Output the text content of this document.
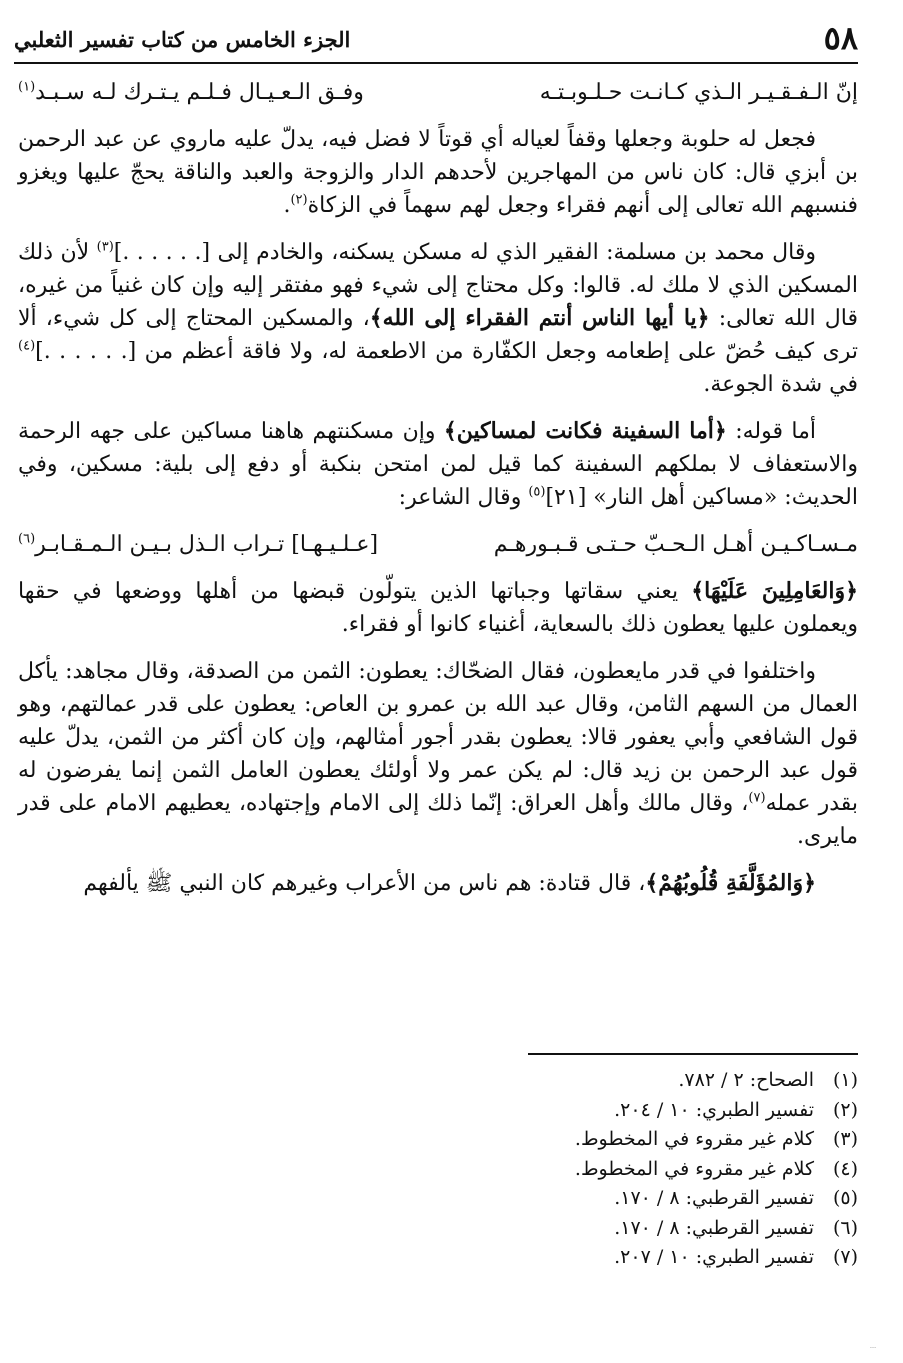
٥٨
الجزء الخامس من كتاب تفسير الثعلبي
إنّ الـفـقـيـر الـذي كـانـت حـلـوبـتـه
وفـق الـعـيـال فـلـم يـتـرك لـه سـبـد$^{(١)}$

فجعل له حلوبة وجعلها وقفاً لعياله أي قوتاً لا فضل فيه، يدلّ عليه ماروي عن عبد الرحمن بن أبزي قال: كان ناس من المهاجرين لأحدهم الدار والزوجة والعبد والناقة يحجّ عليها ويغزو فنسبهم الله تعالى إلى أنهم فقراء وجعل لهم سهماً في الزكاة$^{(٢)}$.

وقال محمد بن مسلمة: الفقير الذي له مسكن يسكنه، والخادم إلى [. . . . . .]$^{(٣)}$ لأن ذلك المسكين الذي لا ملك له. قالوا: وكل محتاج إلى شيء فهو مفتقر إليه وإن كان غنياً من غيره، قال الله تعالى: ﴿يا أيها الناس أنتم الفقراء إلى الله﴾، والمسكين المحتاج إلى كل شيء، ألا ترى كيف حُضّ على إطعامه وجعل الكفّارة من الاطعمة له، ولا فاقة أعظم من [. . . . . .]$^{(٤)}$ في شدة الجوعة.

أما قوله: ﴿أما السفينة فكانت لمساكين﴾ وإن مسكنتهم هاهنا مساكين على جهه الرحمة والاستعفاف لا بملكهم السفينة كما قيل لمن امتحن بنكبة أو دفع إلى بلية: مسكين، وفي الحديث: «مساكين أهل النار» [٢١]$^{(٥)}$ وقال الشاعر:

مـسـاكـيـن أهـل الـحـبّ حـتـى قـبـورهـم
[عـلـيـهـا] تـراب الـذل بـيـن الـمـقـابـر$^{(٦)}$

﴿وَالعَامِلِينَ عَلَيْهَا﴾ يعني سقاتها وجباتها الذين يتولّون قبضها من أهلها ووضعها في حقها ويعملون عليها يعطون ذلك بالسعاية، أغنياء كانوا أو فقراء.

واختلفوا في قدر مايعطون، فقال الضحّاك: يعطون: الثمن من الصدقة، وقال مجاهد: يأكل العمال من السهم الثامن، وقال عبد الله بن عمرو بن العاص: يعطون على قدر عمالتهم، وهو قول الشافعي وأبي يعفور قالا: يعطون بقدر أجور أمثالهم، وإن كان أكثر من الثمن، يدلّ عليه قول عبد الرحمن بن زيد قال: لم يكن عمر ولا أولئك يعطون العامل الثمن إنما يفرضون له بقدر عمله$^{(٧)}$، وقال مالك وأهل العراق: إنّما ذلك إلى الامام وإجتهاده، يعطيهم الامام على قدر مايرى.

﴿وَالمُؤَلَّفَةِ قُلُوبُهُمْ﴾، قال قتادة: هم ناس من الأعراب وغيرهم كان النبي ﷺ يألفهم

(١)
الصحاح: ٢ / ٧٨٢.
(٢)
تفسير الطبري: ١٠ / ٢٠٤.
(٣)
كلام غير مقروء في المخطوط.
(٤)
كلام غير مقروء في المخطوط.
(٥)
تفسير القرطبي: ٨ / ١٧٠.
(٦)
تفسير القرطبي: ٨ / ١٧٠.
(٧)
تفسير الطبري: ١٠ / ٢٠٧.
﹍
